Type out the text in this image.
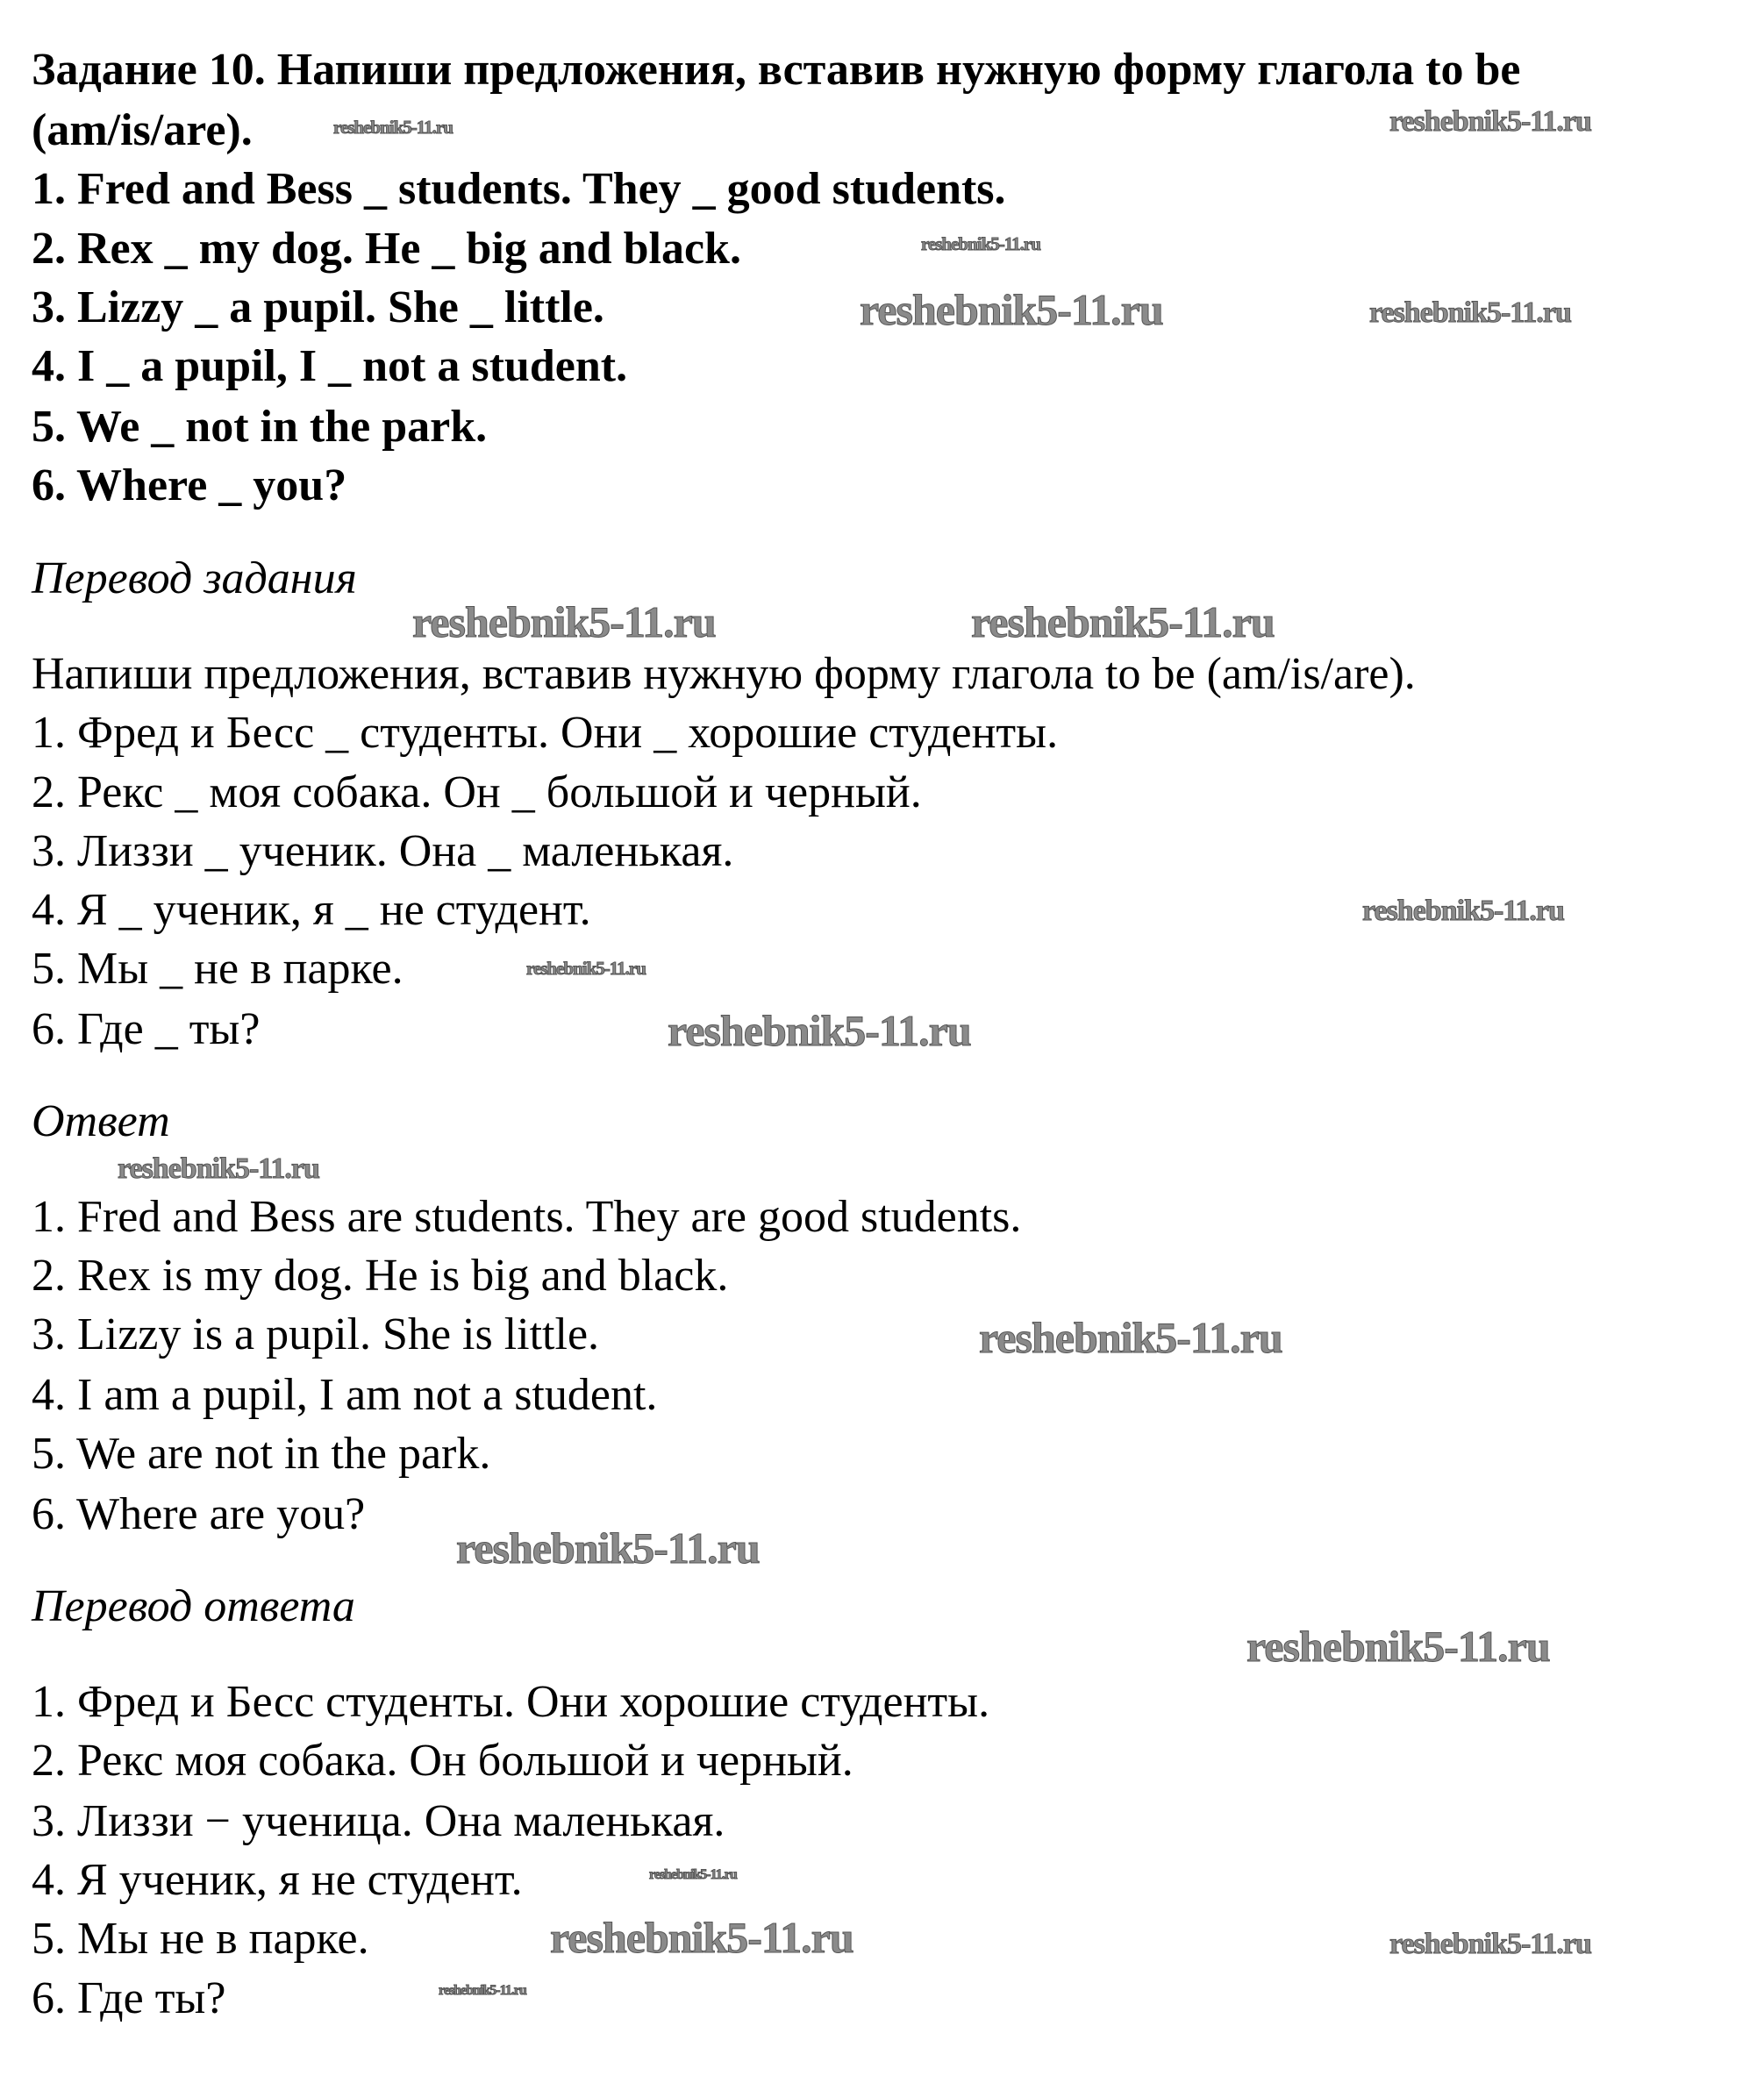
Задание 10. Напиши предложения, вставив нужную форму глагола to be
(am/is/are).
1. Fred and Bess _ students. They _ good students.
2. Rex _ my dog. He _ big and black.
3. Lizzy _ a pupil. She _ little.
4. I _ a pupil, I _ not a student.
5. We _ not in the park.
6. Where _ you?
Перевод задания
Напиши предложения, вставив нужную форму глагола to be (am/is/are).
1. Фред и Бесс _ студенты. Они _ хорошие студенты.
2. Рекс _ моя собака. Он _ большой и черный.
3. Лиззи _ ученик. Она _ маленькая.
4. Я _ ученик, я _ не студент.
5. Мы _ не в парке.
6. Где _ ты?
Ответ
1. Fred and Bess are students. They are good students.
2. Rex is my dog. He is big and black.
3. Lizzy is a pupil. She is little.
4. I am a pupil, I am not a student.
5. We are not in the park.
6. Where are you?
Перевод ответа
1. Фред и Бесс студенты. Они хорошие студенты.
2. Рекс моя собака. Он большой и черный.
3. Лиззи − ученица. Она маленькая.
4. Я ученик, я не студент.
5. Мы не в парке.
6. Где ты?
reshebnik5-11.ru	reshebnik5-11.ru
reshebnik5-11.ru
reshebnik5-11.ru	reshebnik5-11.ru
reshebnik5-11.ru	reshebnik5-11.ru
reshebnik5-11.ru
reshebnik5-11.ru
reshebnik5-11.ru
reshebnik5-11.ru
reshebnik5-11.ru
reshebnik5-11.ru
reshebnik5-11.ru
reshebnik5-11.ru
reshebnik5-11.ru	reshebnik5-11.ru
reshebnik5-11.ru
